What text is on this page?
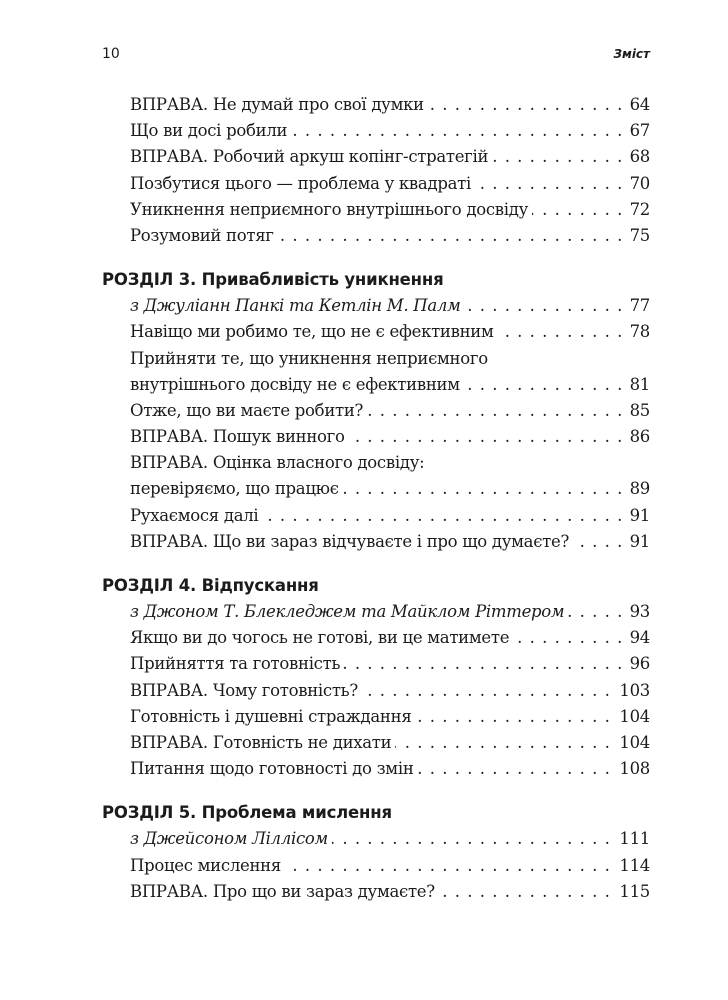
10	Зміст
. . .
ВПРАВА. Не думай про свої думки	64
. . .
Що ви досі робили	67
. . .
ВПРАВА. Робочий аркуш копінг-стратегій	68
. . .
Позбутися цього — проблема у квадраті	70
. . .
Уникнення неприємного внутрішнього досвіду	72
. . .
Розумовий потяг	75
РОЗДІЛ 3. Привабливість уникнення
. . .
з Джуліанн Панкі та Кетлін М. Палм	77
. . .
Навіщо ми робимо те, що не є ефективним	78
Прийняти те, що уникнення неприємного
. . .
внутрішнього досвіду не є ефективним	81
. . .
Отже, що ви маєте робити?	85
. . .
ВПРАВА. Пошук винного	86
ВПРАВА. Оцінка власного досвіду:
. . .
перевіряємо, що працює	89
. . .
Рухаємося далі	91
. . .
ВПРАВА. Що ви зараз відчуваєте і про що думаєте?	91
РОЗДІЛ 4. Відпускання
. . .
з Джоном Т. Блекледжем та Майклом Ріттером	93
. . .
Якщо ви до чогось не готові, ви це матимете	94
. . .
Прийняття та готовність	96
. . .
ВПРАВА. Чому готовність?	103
. . .
Готовність і душевні страждання	104
. . .
ВПРАВА. Готовність не дихати	104
. . .
Питання щодо готовності до змін	108
РОЗДІЛ 5. Проблема мислення
. . .
з Джейсоном Ліллісом	111
. . .
Процес мислення	114
. . .
ВПРАВА. Про що ви зараз думаєте?	115
